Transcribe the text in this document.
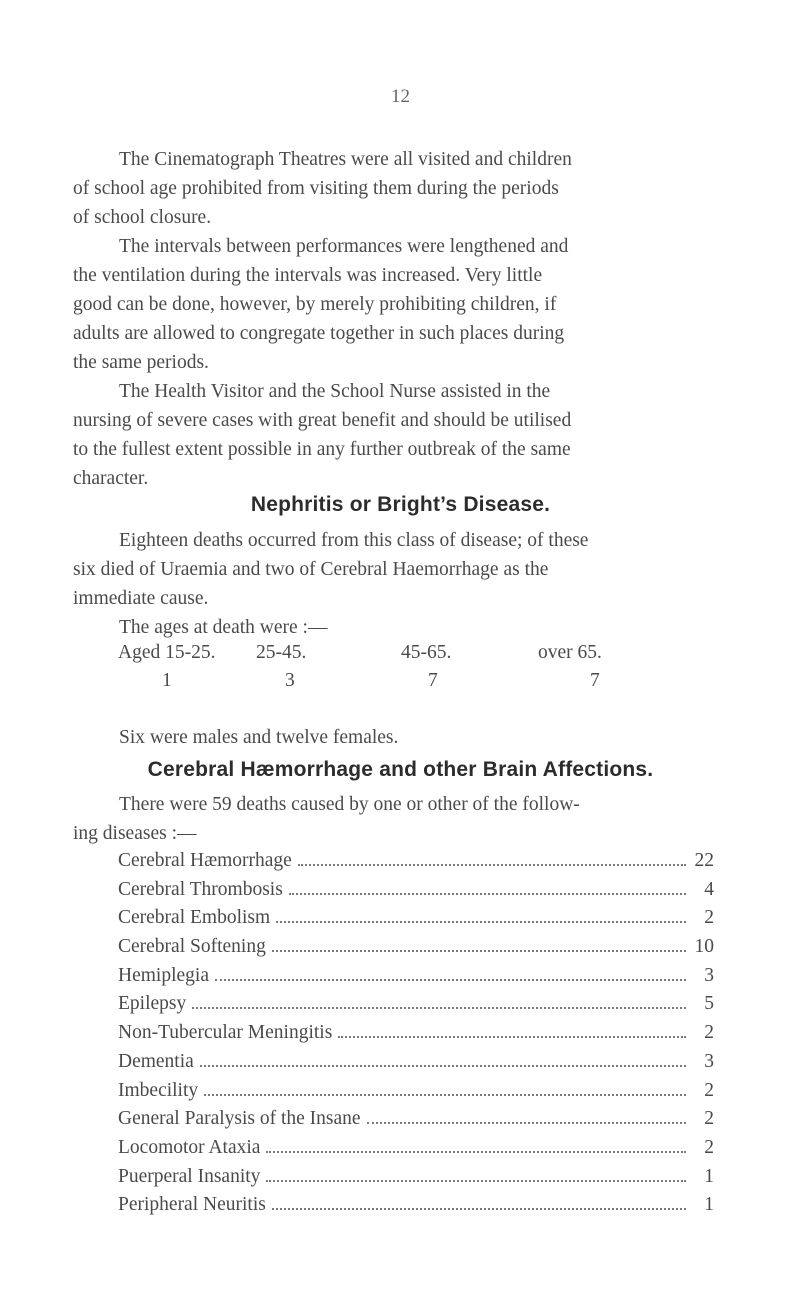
12

The Cinematograph Theatres were all visited and children
of school age prohibited from visiting them during the periods
of school closure.

The intervals between performances were lengthened and
the ventilation during the intervals was increased. Very little
good can be done, however, by merely prohibiting children, if
adults are allowed to congregate together in such places during
the same periods.

The Health Visitor and the School Nurse assisted in the
nursing of severe cases with great benefit and should be utilised
to the fullest extent possible in any further outbreak of the same
character.

Nephritis or Bright’s Disease.

Eighteen deaths occurred from this class of disease; of these
six died of Uraemia and two of Cerebral Haemorrhage as the
immediate cause.
The ages at death were :—

Aged 15-25. 25-45.	45-65.	over 65.
1	3	7	7

Six were males and twelve females.

Cerebral Hæmorrhage and other Brain Affections.

There were 59 deaths caused by one or other of the follow-
ing diseases :—

Cerebral Hæmorrhage	22
Cerebral Thrombosis	4
Cerebral Embolism	2
Cerebral Softening	10
Hemiplegia	3
Epilepsy	5
Non-Tubercular Meningitis	2
Dementia	3
Imbecility	2
General Paralysis of the Insane	2
Locomotor Ataxia	2
Puerperal Insanity	1
Peripheral Neuritis	1
